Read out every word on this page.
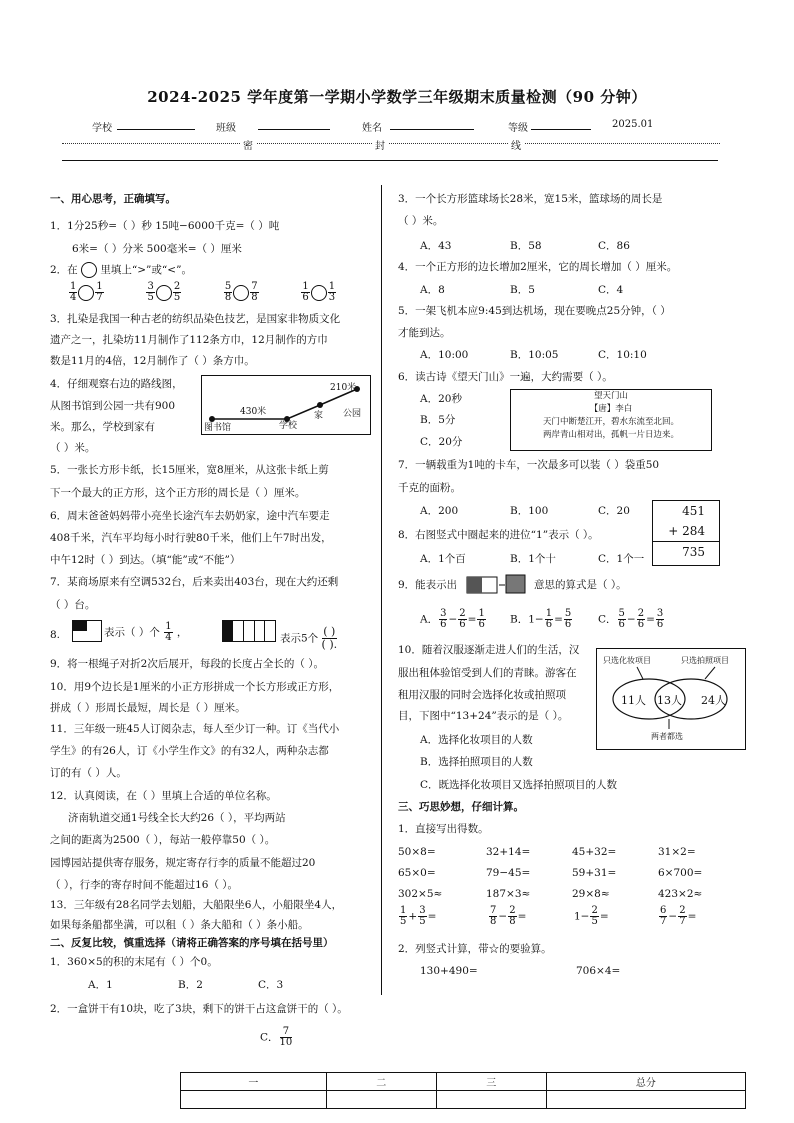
2024-2025 学年度第一学期小学数学三年级期末质量检测（90 分钟）
学校	班级	姓名	等级	2025.01
密	封	线
一、用心思考，正确填写。
1．1分25秒=（ ）秒 15吨−6000千克=（ ）吨
6米=（ ）分米 500毫米=（ ）厘米
2．在 里填上“>”或“<”。
$\frac{1}{4} \frac{1}{7}$
	$\frac{3}{5} \frac{2}{5}$
	$\frac{5}{8} \frac{7}{8}$
	$\frac{1}{6} \frac{1}{3}$
3．扎染是我国一种古老的纺织品染色技艺，是国家非物质文化
遗产之一，扎染坊11月制作了112条方巾，12月制作的方巾
数是11月的4倍，12月制作了（ ）条方巾。
4．仔细观察右边的路线图，
从图书馆到公园一共有900
米。那么，学校到家有
（ ）米。
图书馆	学校
家 公园
430米
210米
5．一张长方形卡纸，长15厘米，宽8厘米，从这张卡纸上剪
下一个最大的正方形，这个正方形的周长是（ ）厘米。
6．周末爸爸妈妈带小亮坐长途汽车去奶奶家，途中汽车要走
408千米，汽车平均每小时行驶80千米，他们上午7时出发，
中午12时（ ）到达。（填“能”或“不能”）
7．某商场原来有空调532台，后来卖出403台，现在大约还剩
（ ）台。
8.	表示（ ）个 $\frac{1}{4}$ ，	表示5个
( )
( ).
9．将一根绳子对折2次后展开，每段的长度占全长的（ ）。
10．用9个边长是1厘米的小正方形拼成一个长方形或正方形，
拼成（ ）形周长最短，周长是（ ）厘米。
11．三年级一班45人订阅杂志，每人至少订一种。订《当代小
学生》的有26人，订《小学生作文》的有32人，两种杂志都
订的有（ ）人。
12．认真阅读，在（ ）里填上合适的单位名称。
济南轨道交通1号线全长大约26（ ），平均两站
之间的距离为2500（ ），每站一般停靠50（ ）。
园博园站提供寄存服务，规定寄存行李的质量不能超过20
（ ），行李的寄存时间不能超过16（ ）。
13．三年级有28名同学去划船，大船限坐6人，小船限坐4人，
如果每条船都坐满，可以租（ ）条大船和（ ）条小船。
二、反复比较，慎重选择（请将正确答案的序号填在括号里）
1．360×5的积的末尾有（ ）个0。
A．1	B．2	C．3
2．一盒饼干有10块，吃了3块，剩下的饼干占这盒饼干的（ ）。
C． $\frac{7}{10}$
3．一个长方形篮球场长28米，宽15米，篮球场的周长是
（ ）米。
A．43	B．58	C．86
4．一个正方形的边长增加2厘米，它的周长增加（ ）厘米。
A．8	B．5	C．4
5．一架飞机本应9:45到达机场，现在要晚点25分钟，（ ）
才能到达。
A．10:00	B．10:05	C．10:10
6．读古诗《望天门山》一遍，大约需要（ ）。
A．20秒
B．5分
C．20分
望天门山
【唐】李白
天门中断楚江开，碧水东流至北回。
两岸青山相对出，孤帆一片日边来。
7．一辆载重为1吨的卡车，一次最多可以装（ ）袋重50
千克的面粉。
A．200	B．100	C．20	451
+ 284
735
8．右图竖式中圈起来的进位“1”表示（ ）。
A．1个百	B．1个十	C．1个一
9．能表示出	意思的算式是（ ）。
A． $\frac{3}{6} - \frac{2}{6} = \frac{1}{6}$ B．$1- \frac{1}{6} = \frac{5}{6}$ C． $\frac{5}{6} - \frac{2}{6} = \frac{3}{6}$
10．随着汉服逐渐走进人们的生活，汉
服出租体验馆受到人们的青睐。游客在
租用汉服的同时会选择化妆或拍照项
目，下图中“13+24”表示的是（ ）。
只选化妆项目	只选拍照项目
11人 13人 24人
两者都选
A．选择化妆项目的人数
B．选择拍照项目的人数
C．既选择化妆项目又选择拍照项目的人数
三、巧思妙想，仔细计算。
1．直接写出得数。
50×8=	32+14=	45+32=	31×2=
65×0=	79−45=	59+31=	6×700=
302×5≈	187×3≈	29×8≈	423×2≈
$\frac{1}{5} + \frac{3}{5}$ =	$\frac{7}{8} - \frac{2}{8}$ =	$1- \frac{2}{5}$ =	$\frac{6}{7} - \frac{2}{7}$ =
2．列竖式计算，带☆的要验算。
130+490=	706×4=
一	二	三	总分
